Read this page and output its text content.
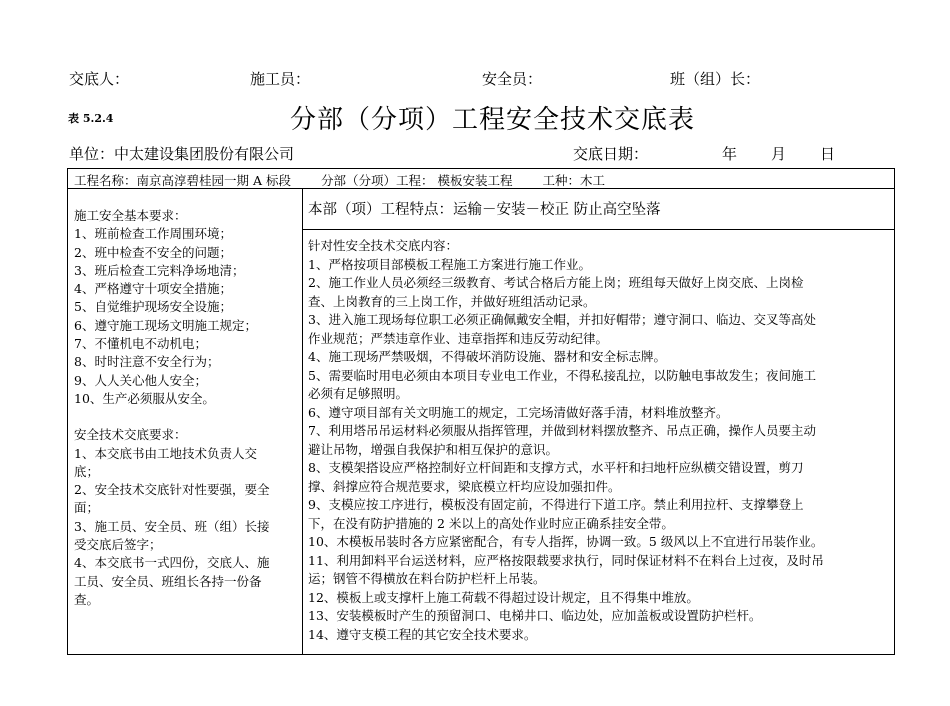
交底人：	施工员：	安全员：	班（组）长：
表 5.2.4	分部（分项）工程安全技术交底表
单位：中太建设集团股份有限公司	交底日期：	年 月 日
工程名称：南京高淳碧桂园一期 A 标段 分部（分项）工程： 模板安装工程 工种：木工
施工安全基本要求：
1、班前检查工作周围环境；
2、班中检查不安全的问题；
3、班后检查工完料净场地清；
4、严格遵守十项安全措施；
5、自觉维护现场安全设施；
6、遵守施工现场文明施工规定；
7、不懂机电不动机电；
8、时时注意不安全行为；
9、人人关心他人安全；
10、生产必须服从安全。
安全技术交底要求：
1、本交底书由工地技术负责人交
底；
2、安全技术交底针对性要强，要全
面；
3、施工员、安全员、班（组）长接
受交底后签字；
4、本交底书一式四份，交底人、施
工员、安全员、班组长各持一份备
查。
本部（项）工程特点：运输－安装－校正 防止高空坠落
针对性安全技术交底内容：
1、严格按项目部模板工程施工方案进行施工作业。
2、施工作业人员必须经三级教育、考试合格后方能上岗；班组每天做好上岗交底、上岗检
查、上岗教育的三上岗工作，并做好班组活动记录。
3、进入施工现场每位职工必须正确佩戴安全帽，并扣好帽带；遵守洞口、临边、交叉等高处
作业规范；严禁违章作业、违章指挥和违反劳动纪律。
4、施工现场严禁吸烟，不得破坏消防设施、器材和安全标志牌。
5、需要临时用电必须由本项目专业电工作业，不得私接乱拉，以防触电事故发生；夜间施工
必须有足够照明。
6、遵守项目部有关文明施工的规定，工完场清做好落手清，材料堆放整齐。
7、利用塔吊吊运材料必须服从指挥管理，并做到材料摆放整齐、吊点正确，操作人员要主动
避让吊物，增强自我保护和相互保护的意识。
8、支模架搭设应严格控制好立杆间距和支撑方式，水平杆和扫地杆应纵横交错设置，剪刀
撑、斜撑应符合规范要求，梁底模立杆均应设加强扣件。
9、支模应按工序进行，模板没有固定前，不得进行下道工序。禁止利用拉杆、支撑攀登上
下，在没有防护措施的 2 米以上的高处作业时应正确系挂安全带。
10、木模板吊装时各方应紧密配合，有专人指挥，协调一致。5 级风以上不宜进行吊装作业。
11、利用卸料平台运送材料，应严格按限载要求执行，同时保证材料不在料台上过夜，及时吊
运；钢管不得横放在料台防护栏杆上吊装。
12、模板上或支撑杆上施工荷载不得超过设计规定，且不得集中堆放。
13、安装模板时产生的预留洞口、电梯井口、临边处，应加盖板或设置防护栏杆。
14、遵守支模工程的其它安全技术要求。
